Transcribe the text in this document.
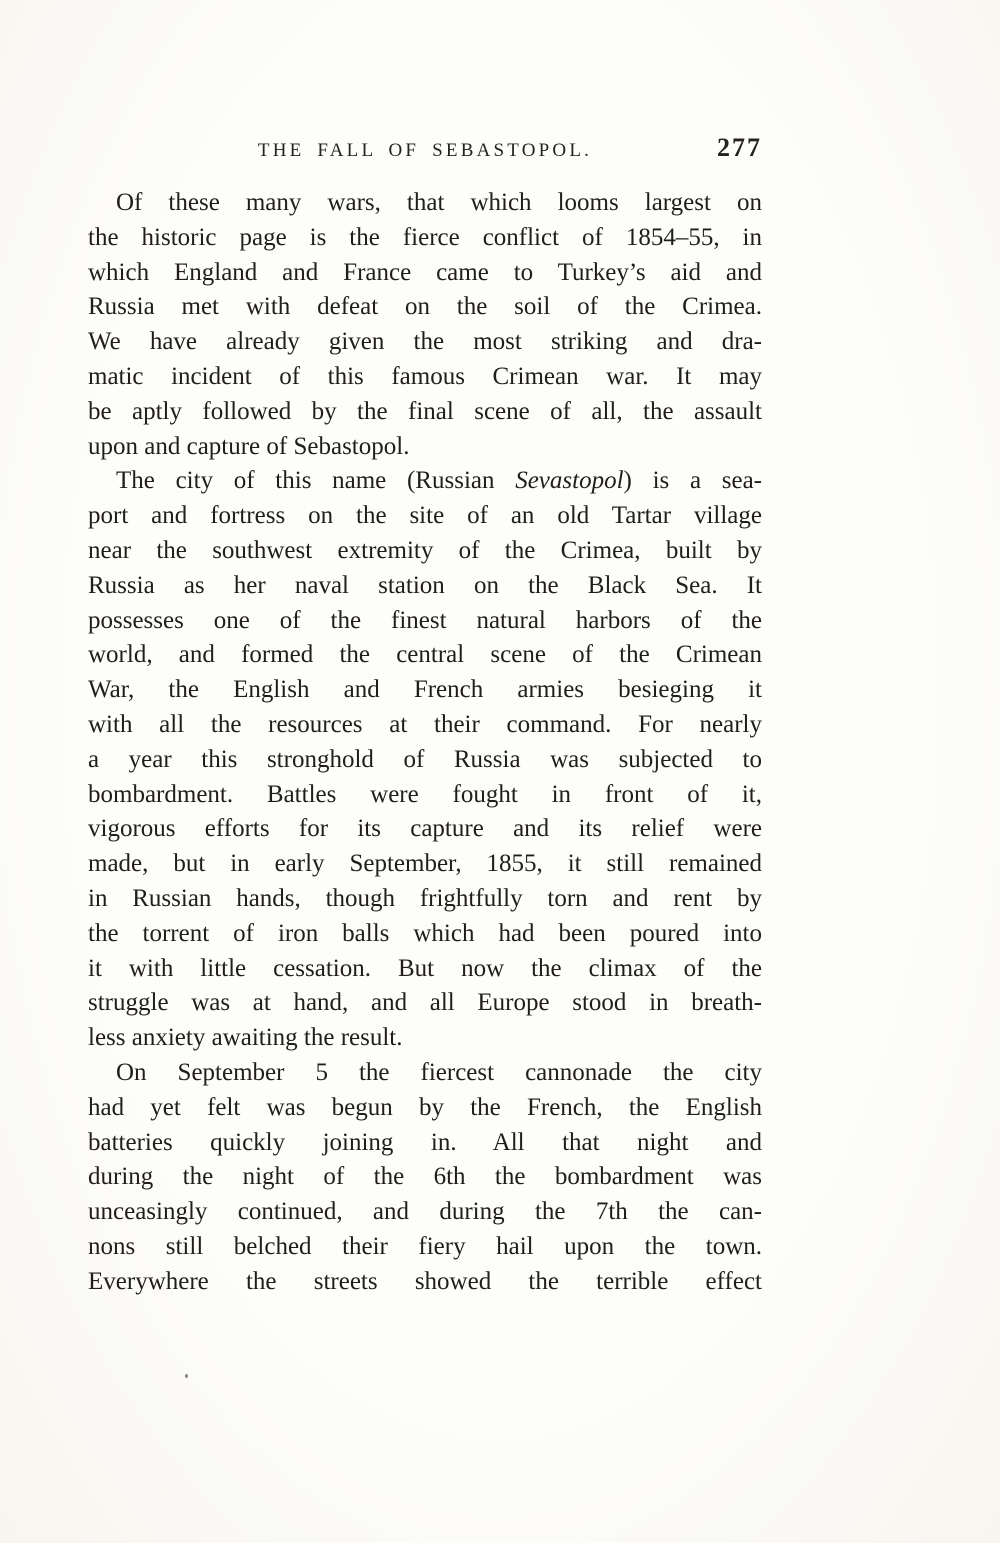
THE FALL OF SEBASTOPOL.	277
Of these many wars, that which looms largest on
the historic page is the fierce conflict of 1854–55, in
which England and France came to Turkey’s aid and
Russia met with defeat on the soil of the Crimea.
We have already given the most striking and dra-
matic incident of this famous Crimean war. It may
be aptly followed by the final scene of all, the assault
upon and capture of Sebastopol.
The city of this name (Russian Sevastopol) is a sea-
port and fortress on the site of an old Tartar village
near the southwest extremity of the Crimea, built by
Russia as her naval station on the Black Sea. It
possesses one of the finest natural harbors of the
world, and formed the central scene of the Crimean
War, the English and French armies besieging it
with all the resources at their command. For nearly
a year this stronghold of Russia was subjected to
bombardment. Battles were fought in front of it,
vigorous efforts for its capture and its relief were
made, but in early September, 1855, it still remained
in Russian hands, though frightfully torn and rent by
the torrent of iron balls which had been poured into
it with little cessation. But now the climax of the
struggle was at hand, and all Europe stood in breath-
less anxiety awaiting the result.
On September 5 the fiercest cannonade the city
had yet felt was begun by the French, the English
batteries quickly joining in. All that night and
during the night of the 6th the bombardment was
unceasingly continued, and during the 7th the can-
nons still belched their fiery hail upon the town.
Everywhere the streets showed the terrible effect
